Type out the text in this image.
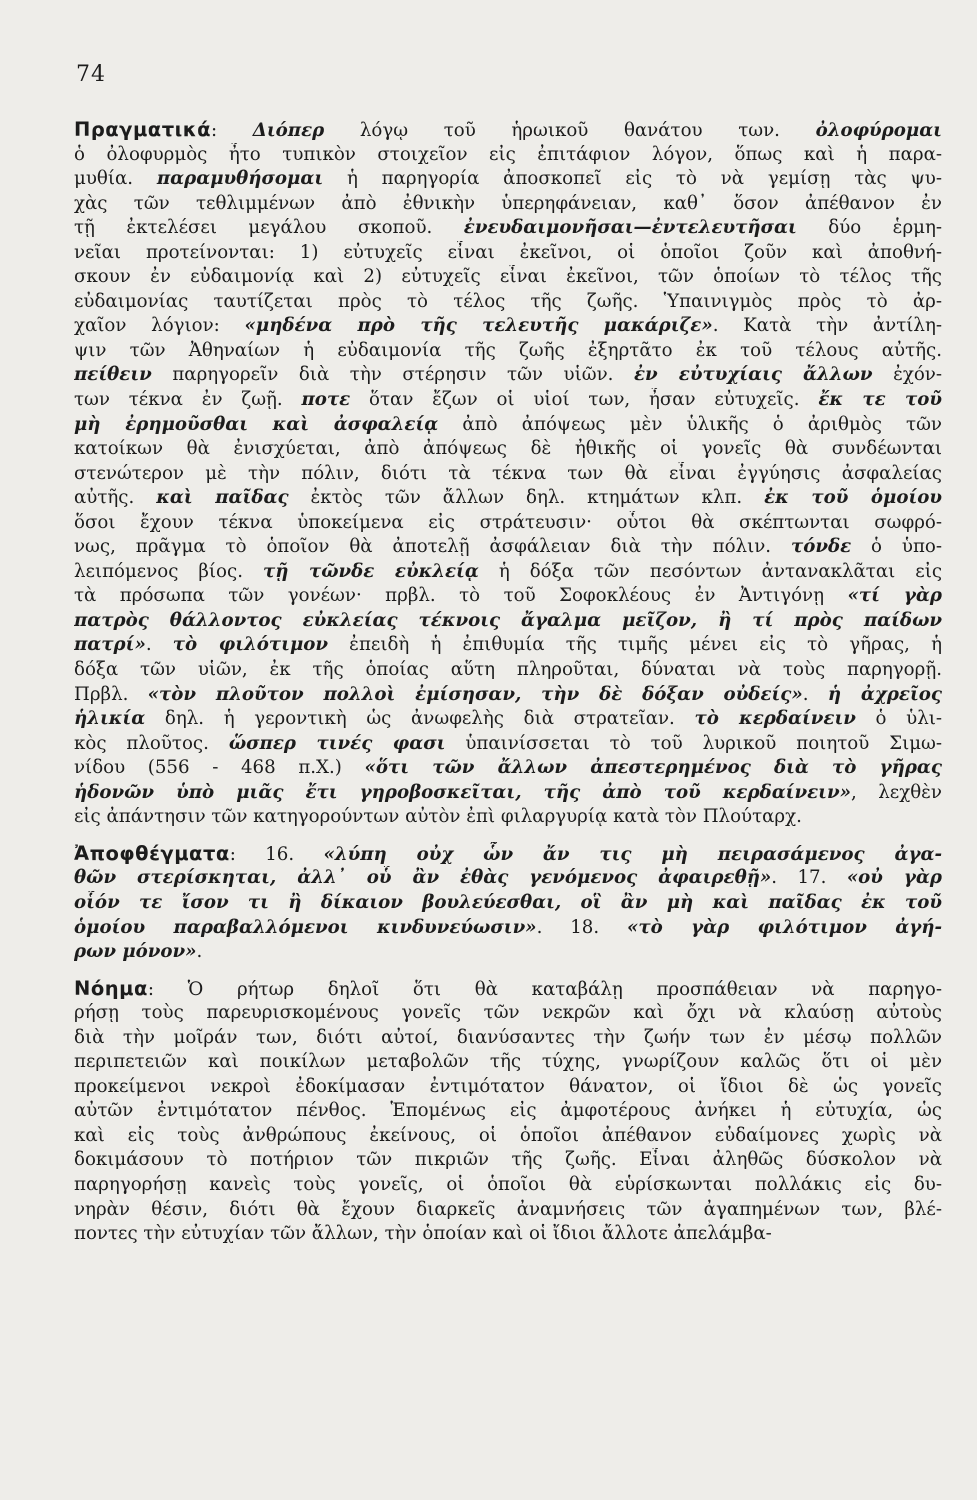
74
Πραγματικά: Διόπερ λόγῳ τοῦ ἡρωικοῦ θανάτου των. ὀλοφύρομαι
ὁ ὀλοφυρμὸς ἦτο τυπικὸν στοιχεῖον εἰς ἐπιτάφιον λόγον, ὅπως καὶ ἡ παρα-
μυθία. παραμυθήσομαι ἡ παρηγορία ἀποσκοπεῖ εἰς τὸ νὰ γεμίσῃ τὰς ψυ-
χὰς τῶν τεθλιμμένων ἀπὸ ἐθνικὴν ὑπερηφάνειαν, καθ᾽ ὅσον ἀπέθανον ἐν
τῇ ἐκτελέσει μεγάλου σκοποῦ. ἐνευδαιμονῆσαι—ἐντελευτῆσαι δύο ἑρμη-
νεῖαι προτείνονται: 1) εὐτυχεῖς εἶναι ἐκεῖνοι, οἱ ὁποῖοι ζοῦν καὶ ἀποθνή-
σκουν ἐν εὐδαιμονίᾳ καὶ 2) εὐτυχεῖς εἶναι ἐκεῖνοι, τῶν ὁποίων τὸ τέλος τῆς
εὐδαιμονίας ταυτίζεται πρὸς τὸ τέλος τῆς ζωῆς. Ὑπαινιγμὸς πρὸς τὸ ἀρ-
χαῖον λόγιον: «μηδένα πρὸ τῆς τελευτῆς μακάριζε». Κατὰ τὴν ἀντίλη-
ψιν τῶν Ἀθηναίων ἡ εὐδαιμονία τῆς ζωῆς ἐξηρτᾶτο ἐκ τοῦ τέλους αὐτῆς.
πείθειν παρηγορεῖν διὰ τὴν στέρησιν τῶν υἱῶν. ἐν εὐτυχίαις ἄλλων ἐχόν-
των τέκνα ἐν ζωῇ. ποτε ὅταν ἔζων οἱ υἱοί των, ἦσαν εὐτυχεῖς. ἔκ τε τοῦ
μὴ ἐρημοῦσθαι καὶ ἀσφαλείᾳ ἀπὸ ἀπόψεως μὲν ὑλικῆς ὁ ἀριθμὸς τῶν
κατοίκων θὰ ἐνισχύεται, ἀπὸ ἀπόψεως δὲ ἠθικῆς οἱ γονεῖς θὰ συνδέωνται
στενώτερον μὲ τὴν πόλιν, διότι τὰ τέκνα των θὰ εἶναι ἐγγύησις ἀσφαλείας
αὐτῆς. καὶ παῖδας ἐκτὸς τῶν ἄλλων δηλ. κτημάτων κλπ. ἐκ τοῦ ὁμοίου
ὅσοι ἔχουν τέκνα ὑποκείμενα εἰς στράτευσιν· οὗτοι θὰ σκέπτωνται σωφρό-
νως, πρᾶγμα τὸ ὁποῖον θὰ ἀποτελῇ ἀσφάλειαν διὰ τὴν πόλιν. τόνδε ὁ ὑπο-
λειπόμενος βίος. τῇ τῶνδε εὐκλείᾳ ἡ δόξα τῶν πεσόντων ἀντανακλᾶται εἰς
τὰ πρόσωπα τῶν γονέων· πρβλ. τὸ τοῦ Σοφοκλέους ἐν Ἀντιγόνῃ «τί γὰρ
πατρὸς θάλλοντος εὐκλείας τέκνοις ἄγαλμα μεῖζον, ἢ τί πρὸς παίδων
πατρί». τὸ φιλότιμον ἐπειδὴ ἡ ἐπιθυμία τῆς τιμῆς μένει εἰς τὸ γῆρας, ἡ
δόξα τῶν υἱῶν, ἐκ τῆς ὁποίας αὕτη πληροῦται, δύναται νὰ τοὺς παρηγορῇ.
Πρβλ. «τὸν πλοῦτον πολλοὶ ἐμίσησαν, τὴν δὲ δόξαν οὐδείς». ἡ ἀχρεῖος
ἡλικία δηλ. ἡ γεροντικὴ ὡς ἀνωφελὴς διὰ στρατεῖαν. τὸ κερδαίνειν ὁ ὑλι-
κὸς πλοῦτος. ὥσπερ τινές φασι ὑπαινίσσεται τὸ τοῦ λυρικοῦ ποιητοῦ Σιμω-
νίδου (556 - 468 π.Χ.) «ὅτι τῶν ἄλλων ἀπεστερημένος διὰ τὸ γῆρας
ἡδονῶν ὑπὸ μιᾶς ἔτι γηροβοσκεῖται, τῆς ἀπὸ τοῦ κερδαίνειν», λεχθὲν
εἰς ἀπάντησιν τῶν κατηγορούντων αὐτὸν ἐπὶ φιλαργυρίᾳ κατὰ τὸν Πλούταρχ.
Ἀποφθέγματα: 16. «λύπη οὐχ ὧν ἄν τις μὴ πειρασάμενος ἀγα-
θῶν στερίσκηται, ἀλλ᾽ οὗ ἂν ἐθὰς γενόμενος ἀφαιρεθῇ». 17. «οὐ γὰρ
οἷόν τε ἴσον τι ἢ δίκαιον βουλεύεσθαι, οἳ ἂν μὴ καὶ παῖδας ἐκ τοῦ
ὁμοίου παραβαλλόμενοι κινδυνεύωσιν». 18. «τὸ γὰρ φιλότιμον ἀγή-
ρων μόνον».
Νόημα: Ὁ ρήτωρ δηλοῖ ὅτι θὰ καταβάλῃ προσπάθειαν νὰ παρηγο-
ρήσῃ τοὺς παρευρισκομένους γονεῖς τῶν νεκρῶν καὶ ὄχι νὰ κλαύσῃ αὐτοὺς
διὰ τὴν μοῖράν των, διότι αὐτοί, διανύσαντες τὴν ζωήν των ἐν μέσῳ πολλῶν
περιπετειῶν καὶ ποικίλων μεταβολῶν τῆς τύχης, γνωρίζουν καλῶς ὅτι οἱ μὲν
προκείμενοι νεκροὶ ἐδοκίμασαν ἐντιμότατον θάνατον, οἱ ἴδιοι δὲ ὡς γονεῖς
αὐτῶν ἐντιμότατον πένθος. Ἑπομένως εἰς ἀμφοτέρους ἀνήκει ἡ εὐτυχία, ὡς
καὶ εἰς τοὺς ἀνθρώπους ἐκείνους, οἱ ὁποῖοι ἀπέθανον εὐδαίμονες χωρὶς νὰ
δοκιμάσουν τὸ ποτήριον τῶν πικριῶν τῆς ζωῆς. Εἶναι ἀληθῶς δύσκολον νὰ
παρηγορήσῃ κανεὶς τοὺς γονεῖς, οἱ ὁποῖοι θὰ εὑρίσκωνται πολλάκις εἰς δυ-
νηρὰν θέσιν, διότι θὰ ἔχουν διαρκεῖς ἀναμνήσεις τῶν ἀγαπημένων των, βλέ-
ποντες τὴν εὐτυχίαν τῶν ἄλλων, τὴν ὁποίαν καὶ οἱ ἴδιοι ἄλλοτε ἀπελάμβα-
